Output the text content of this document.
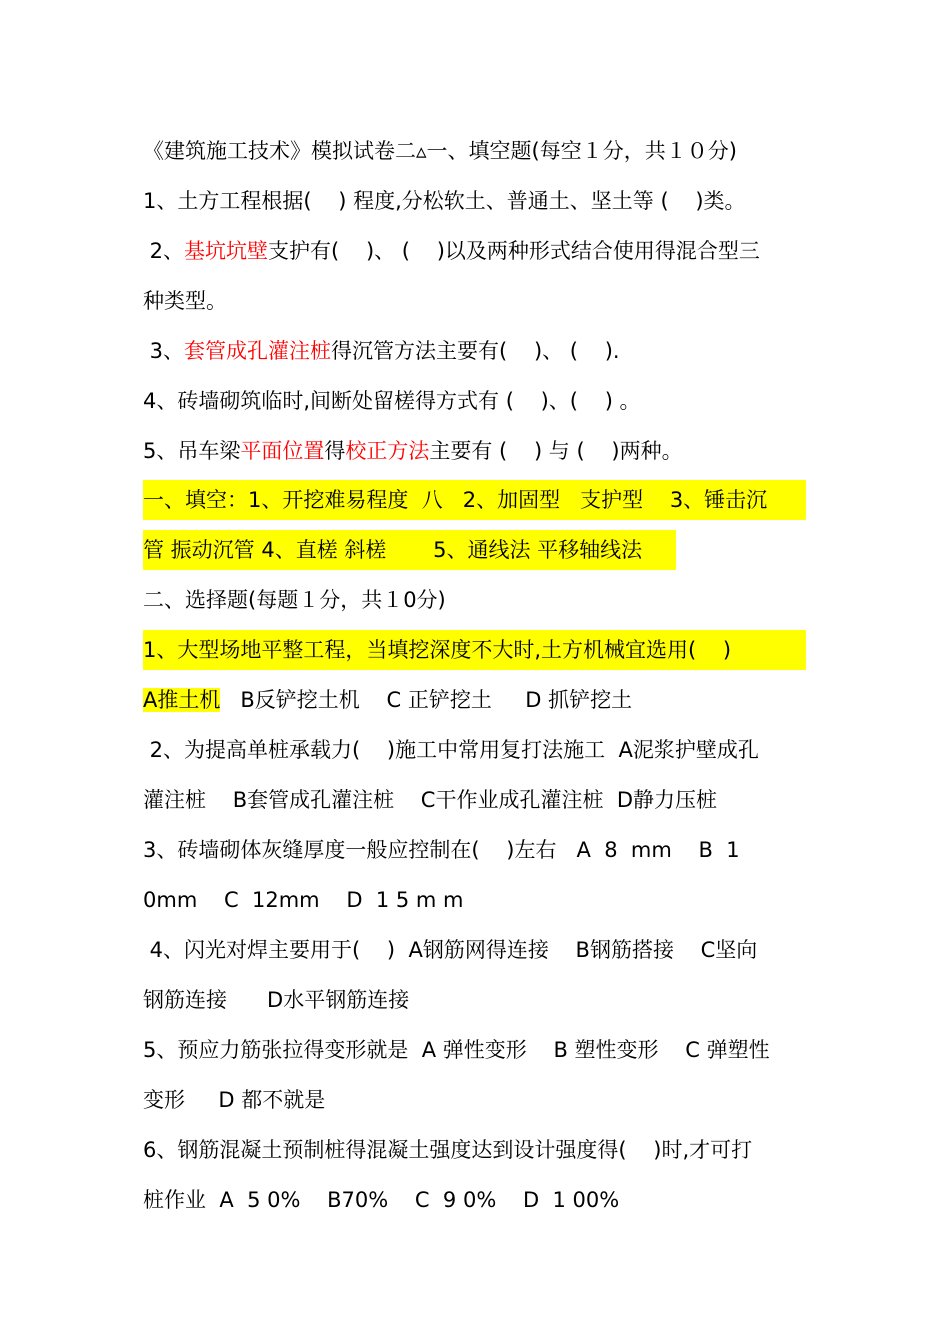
《建筑施工技术》模拟试卷二▵一、填空题(每空１分，共１０分)
1、土方工程根据(    ) 程度,分松软土、普通土、坚土等 (    )类。
2、基坑坑壁支护有(    )、 (    )以及两种形式结合使用得混合型三
种类型。
3、套管成孔灌注桩得沉管方法主要有(    )、 (    ).
4、砖墙砌筑临时,间断处留槎得方式有 (    )、(    ) 。
5、吊车梁平面位置得校正方法主要有 (    ) 与 (    )两种。
一、填空：1、开挖难易程度  八   2、加固型   支护型    3、锤击沉
管 振动沉管 4、直槎 斜槎       5、通线法 平移轴线法
二、选择题(每题１分，共１0分)
1、大型场地平整工程，当填挖深度不大时,土方机械宜选用(    )
A推土机   B反铲挖土机    C 正铲挖土     D 抓铲挖土
2、为提高单桩承载力(    )施工中常用复打法施工  A泥浆护壁成孔
灌注桩    B套管成孔灌注桩    C干作业成孔灌注桩  D静力压桩
3、砖墙砌体灰缝厚度一般应控制在(    )左右   A  8  mm    B  1
0mm    C  12mm    D  1 5 m m
4、闪光对焊主要用于(    )  A钢筋网得连接    B钢筋搭接    C坚向
钢筋连接      D水平钢筋连接
5、预应力筋张拉得变形就是  A 弹性变形    B 塑性变形    C 弹塑性
变形     D 都不就是
6、钢筋混凝土预制桩得混凝土强度达到设计强度得(    )时,才可打
桩作业  A  5 0%    B70%    C  9 0%    D  1 00%
